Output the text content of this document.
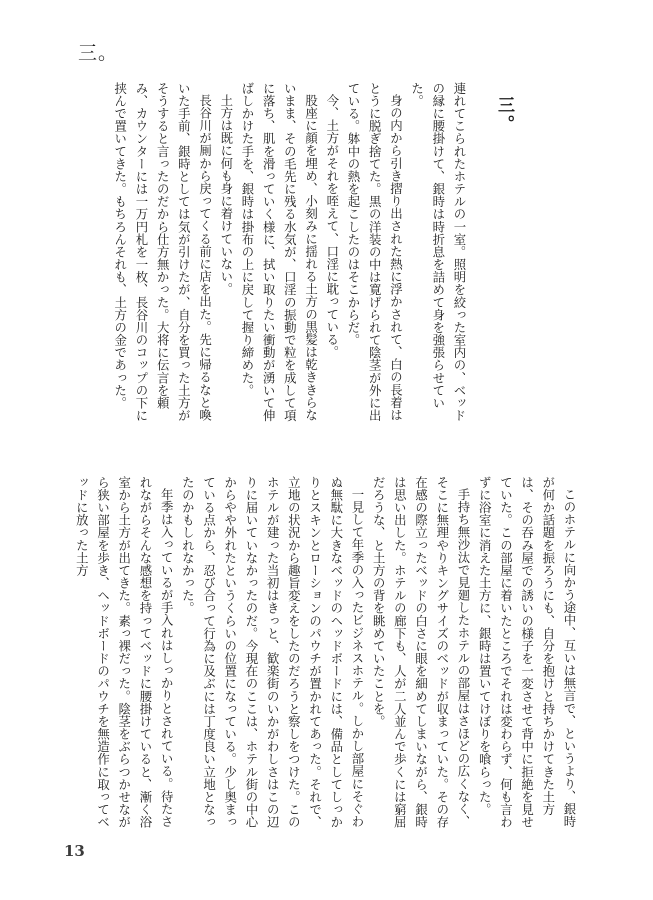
三。
三。

連れてこられたホテルの一室。照明を絞った室内の、ベッドの縁に腰掛けて、銀時は時折息を詰めて身を強張らせていた。

身の内から引き摺り出された熱に浮かされて、白の長着はとうに脱ぎ捨てた。黒の洋装の中は寛げられて陰茎が外に出ている。躰中の熱を起こしたのはそこからだ。

今、土方がそれを咥えて、口淫に耽っている。

股座に顔を埋め、小刻みに揺れる土方の黒髪は乾ききらないまま、その毛先に残る水気が、口淫の振動で粒を成して項に落ち、肌を滑っていく様に、拭い取りたい衝動が湧いて伸ばしかけた手を、銀時は掛布の上に戻して握り締めた。

土方は既に何も身に着けていない。

長谷川が厠から戻ってくる前に店を出た。先に帰るなと喚いた手前、銀時としては気が引けたが、自分を買った土方がそうすると言ったのだから仕方無かった。大将に伝言を頼み、カウンターには一万円札を一枚、長谷川のコップの下に挟んで置いてきた。もちろんそれも、土方の金であった。

このホテルに向かう途中、互いは無言で、というより、銀時が何か話題を振ろうにも、自分を抱けと持ちかけてきた土方は、その吞み屋での誘いの様子を一変させて背中に拒絶を見せていた。この部屋に着いたところでそれは変わらず、何も言わずに浴室に消えた土方に、銀時は置いてけぼりを喰らった。

手持ち無沙汰で見廻したホテルの部屋はさほどの広くなく、そこに無理やりキングサイズのベッドが収まっていた。その存在感の際立ったベッドの白さに眼を細めてしまいながら、銀時は思い出した。ホテルの廊下も、人が二人並んで歩くには窮屈だろうな、と土方の背を眺めていたことを。

一見して年季の入ったビジネスホテル。しかし部屋にそぐわぬ無駄に大きなベッドのヘッドボードには、備品としてしっかりとスキンとローションのパウチが置かれてあった。それで、立地の状況から趣旨変えをしたのだろうと察しをつけた。このホテルが建った当初はきっと、歓楽街のいかがわしさはこの辺りに届いていなかったのだ。今現在のここは、ホテル街の中心からやや外れたというくらいの位置になっている。少し奥まっている点から、忍び合って行為に及ぶには丁度良い立地となったのかもしれなかった。

年季は入っているが手入れはしっかりとされている。待たされながらそんな感想を持ってベッドに腰掛けていると、漸く浴室から土方が出てきた。素っ裸だった。陰茎をぶらつかせながら狭い部屋を歩き、ヘッドボードのパウチを無造作に取ってベッドに放った土方

13
